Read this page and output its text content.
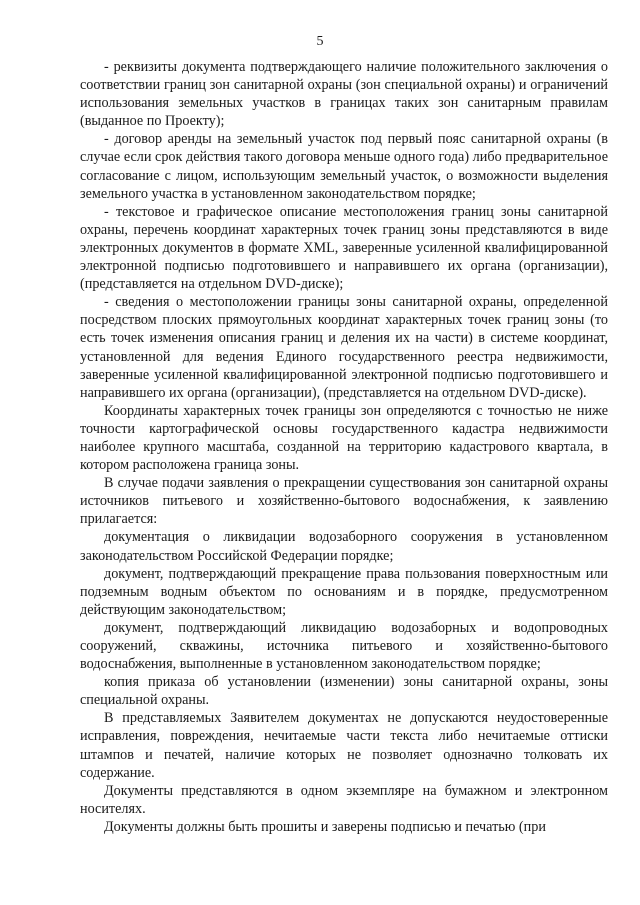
5

- реквизиты документа подтверждающего наличие положительного заключения о соответствии границ зон санитарной охраны (зон специальной охраны) и ограничений использования земельных участков в границах таких зон санитарным правилам (выданное по Проекту);

- договор аренды на земельный участок под первый пояс санитарной охраны (в случае если срок действия такого договора меньше одного года) либо предварительное согласование с лицом, использующим земельный участок, о возможности выделения земельного участка в установленном законодательством порядке;

- текстовое и графическое описание местоположения границ зоны санитарной охраны, перечень координат характерных точек границ зоны представляются в виде электронных документов в формате XML, заверенные усиленной квалифицированной электронной подписью подготовившего и направившего их органа (организации), (представляется на отдельном DVD-диске);

- сведения о местоположении границы зоны санитарной охраны, определенной посредством плоских прямоугольных координат характерных точек границ зоны (то есть точек изменения описания границ и деления их на части) в системе координат, установленной для ведения Единого государственного реестра недвижимости, заверенные усиленной квалифицированной электронной подписью подготовившего и направившего их органа (организации), (представляется на отдельном DVD-диске).

Координаты характерных точек границы зон определяются с точностью не ниже точности картографической основы государственного кадастра недвижимости наиболее крупного масштаба, созданной на территорию кадастрового квартала, в котором расположена граница зоны.

В случае подачи заявления о прекращении существования зон санитарной охраны источников питьевого и хозяйственно-бытового водоснабжения, к заявлению прилагается:

документация о ликвидации водозаборного сооружения в установленном законодательством Российской Федерации порядке;

документ, подтверждающий прекращение права пользования поверхностным или подземным водным объектом по основаниям и в порядке, предусмотренном действующим законодательством;

документ, подтверждающий ликвидацию водозаборных и водопроводных сооружений, скважины, источника питьевого и хозяйственно-бытового водоснабжения, выполненные в установленном законодательством порядке;

копия приказа об установлении (изменении) зоны санитарной охраны, зоны специальной охраны.

В представляемых Заявителем документах не допускаются неудостоверенные исправления, повреждения, нечитаемые части текста либо нечитаемые оттиски штампов и печатей, наличие которых не позволяет однозначно толковать их содержание.

Документы представляются в одном экземпляре на бумажном и электронном носителях.

Документы должны быть прошиты и заверены подписью и печатью (при
